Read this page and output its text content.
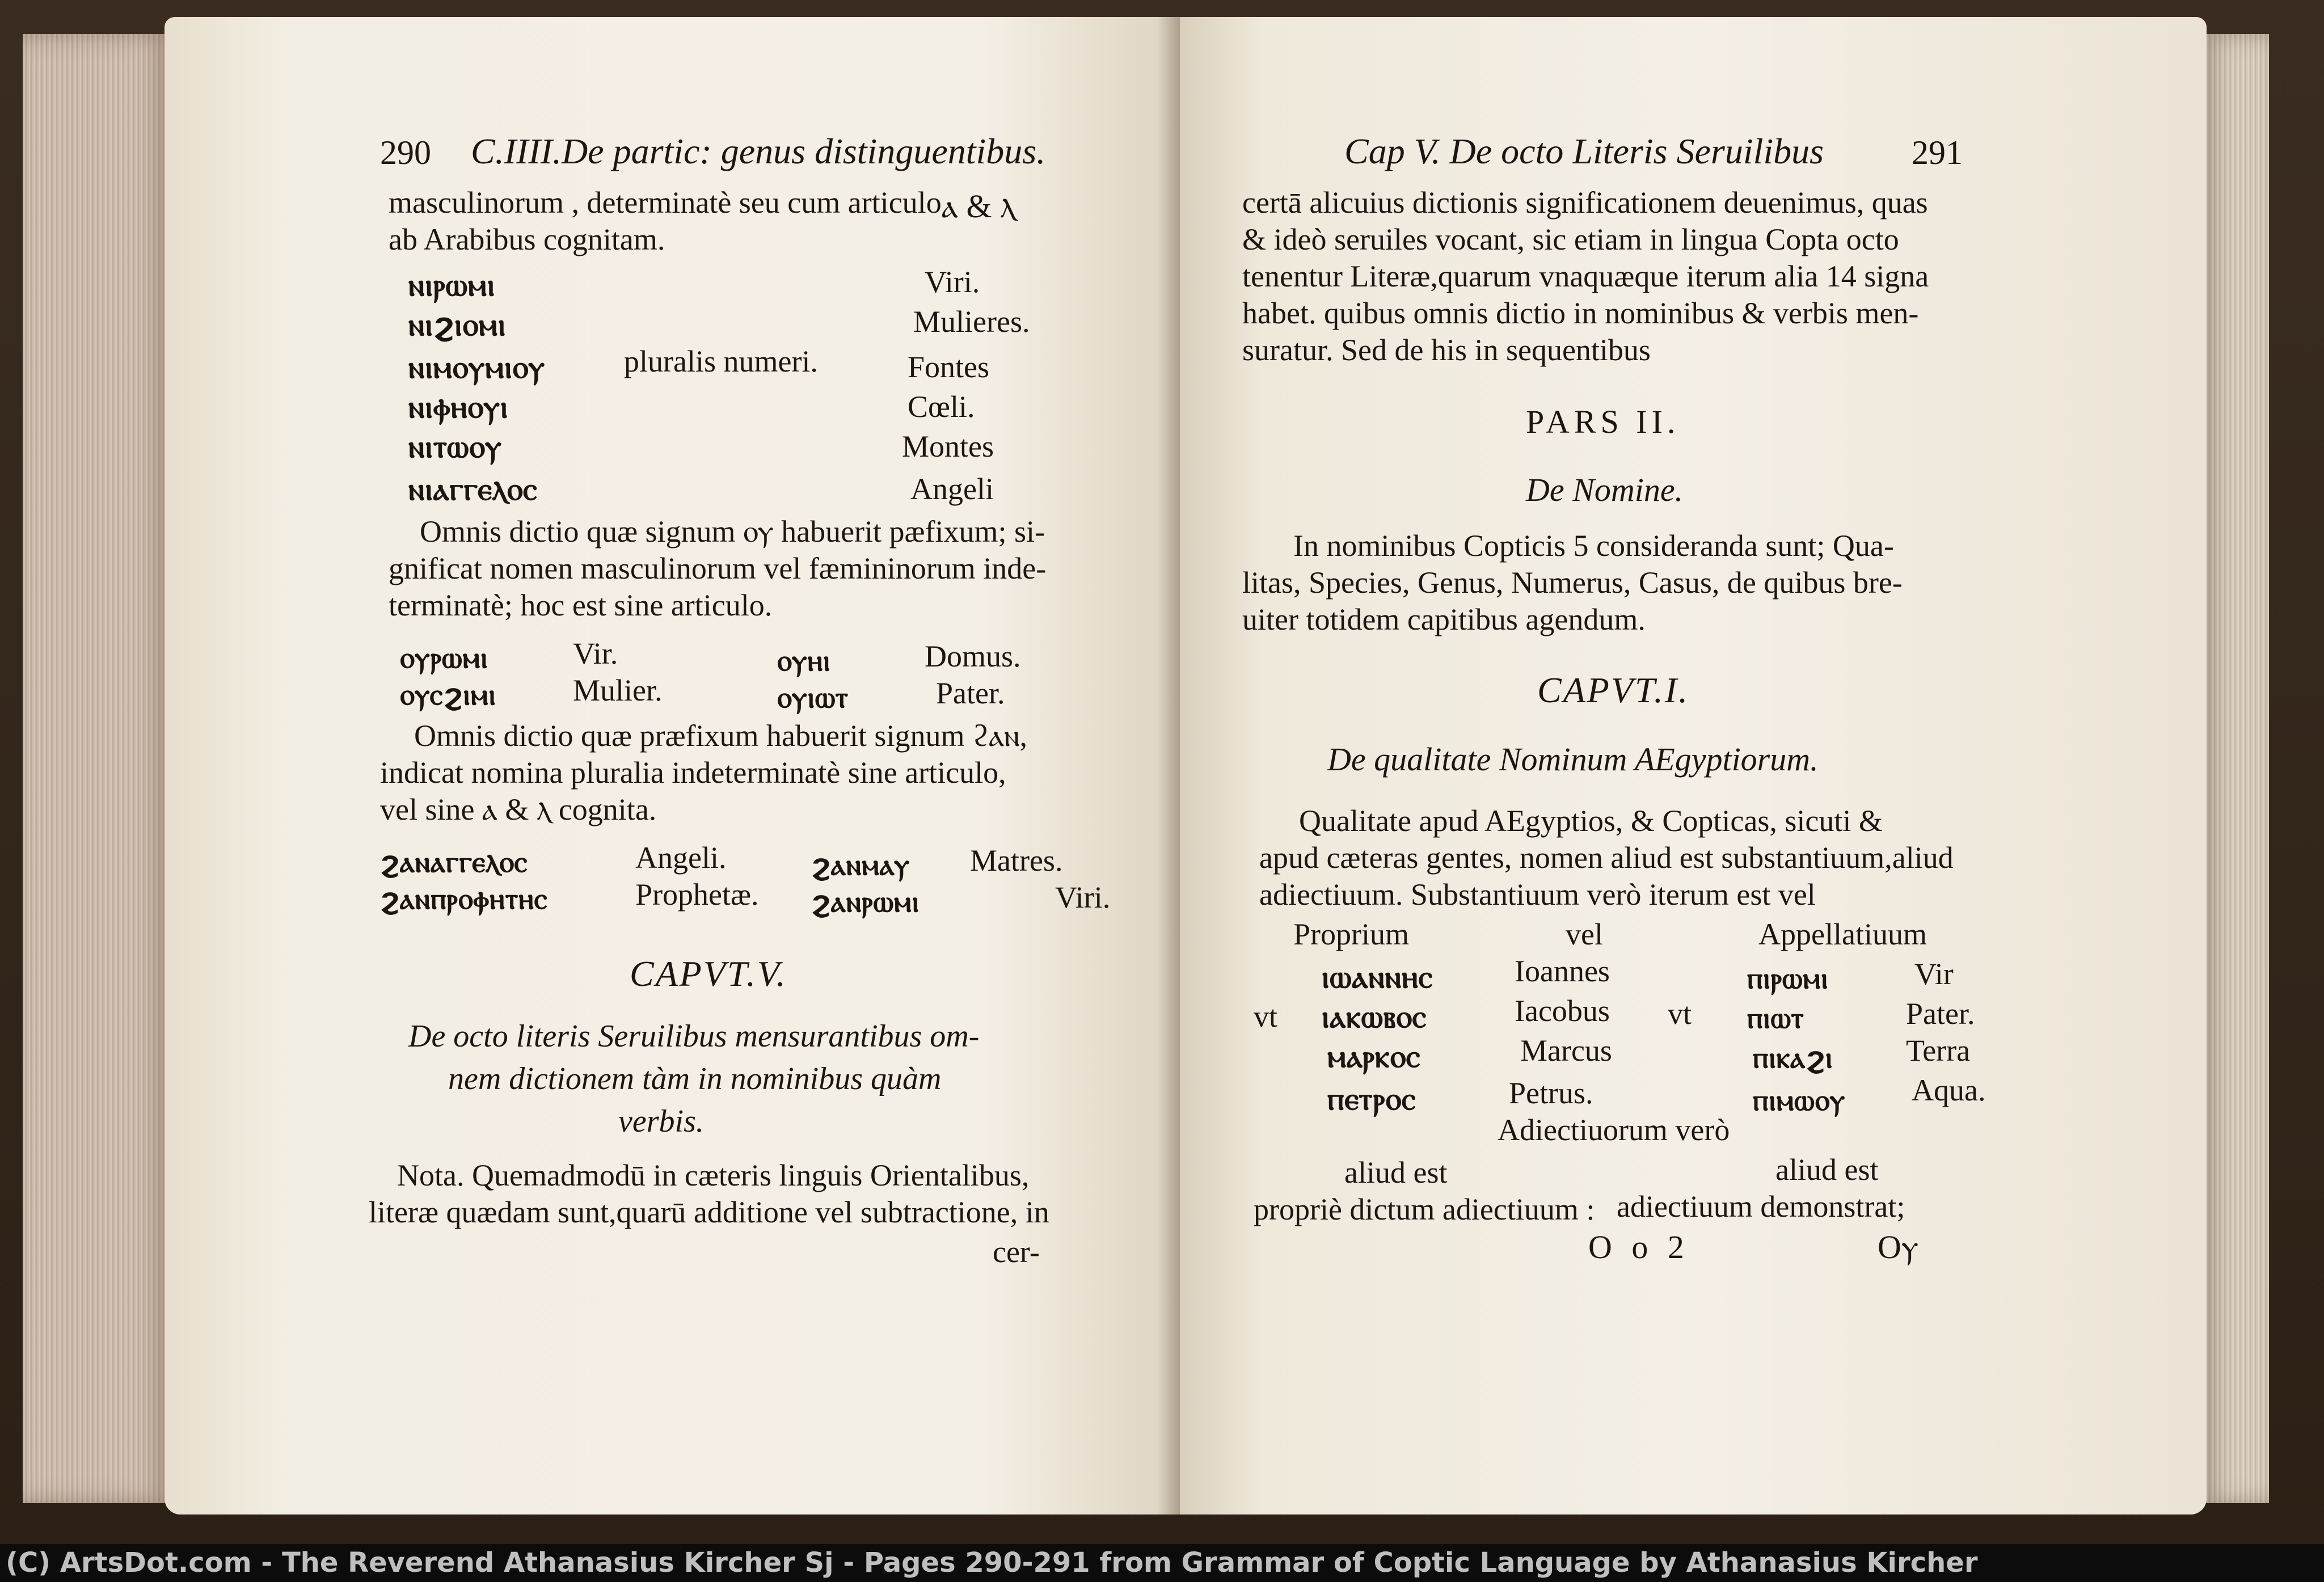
290 C.IIII.De partic: genus distinguentibus.
masculinorum , determinatè seu cum articulo ⲁ & ⲗ
ab Arabibus cognitam.
ⲛⲓⲣⲱⲙⲓ	Viri.
ⲛⲓϩⲓⲟⲙⲓ	Mulieres.
ⲛⲓⲙⲟⲩⲙⲓⲟⲩ	pluralis numeri.	Fontes
ⲛⲓⲫⲏⲟⲩⲓ	Cœli.
ⲛⲓⲧⲱⲟⲩ	Montes
ⲛⲓⲁⲅⲅⲉⲗⲟⲥ	Angeli
Omnis dictio quæ signum ⲟⲩ habuerit pæfixum; si-
gnificat nomen masculinorum vel fæmininorum inde-
terminatè; hoc est sine articulo.
ⲟⲩⲣⲱⲙⲓ	Vir.	ⲟⲩⲏⲓ	Domus.
ⲟⲩⲥϩⲓⲙⲓ	Mulier.	ⲟⲩⲓⲱⲧ	Pater.
Omnis dictio quæ præfixum habuerit signum ϩⲁⲛ,
indicat nomina pluralia indeterminatè sine articulo,
vel sine ⲁ & ⲗ cognita.
ϩⲁⲛⲁⲅⲅⲉⲗⲟⲥ	Angeli.	ϩⲁⲛⲙⲁⲩ Matres.
ϩⲁⲛⲡⲣⲟⲫⲏⲧⲏⲥ	Prophetæ. ϩⲁⲛⲣⲱⲙⲓ	Viri.
CAPVT.V.
De octo literis Seruilibus mensurantibus om-
nem dictionem tàm in nominibus quàm
verbis.
Nota. Quemadmodū in cæteris linguis Orientalibus,
literæ quædam sunt,quarū additione vel subtractione, in
cer-
Cap V. De octo Literis Seruilibus	291
certā alicuius dictionis significationem deuenimus, quas
& ideò seruiles vocant, sic etiam in lingua Copta octo
tenentur Literæ,quarum vnaquæque iterum alia 14 signa
habet. quibus omnis dictio in nominibus & verbis men-
suratur. Sed de his in sequentibus
PARS II.
De Nomine.
In nominibus Copticis 5 consideranda sunt; Qua-
litas, Species, Genus, Numerus, Casus, de quibus bre-
uiter totidem capitibus agendum.
CAPVT.I.
De qualitate Nominum AEgyptiorum.
Qualitate apud AEgyptios, & Copticas, sicuti &
apud cæteras gentes, nomen aliud est substantiuum,aliud
adiectiuum. Substantiuum verò iterum est vel
Proprium	vel	Appellatiuum
ⲓⲱⲁⲛⲛⲏⲥ	Ioannes	ⲡⲓⲣⲱⲙⲓ	Vir
vt ⲓⲁⲕⲱⲃⲟⲥ	Iacobus vt ⲡⲓⲱⲧ	Pater.
ⲙⲁⲣⲕⲟⲥ	Marcus	ⲡⲓⲕⲁϩⲓ Terra
ⲡⲉⲧⲣⲟⲥ	Petrus.	ⲡⲓⲙⲱⲟⲩ Aqua.
Adiectiuorum verò
aliud est	aliud est
propriè dictum adiectiuum : adiectiuum demonstrat;
O o 2	Oⲩ
(C) ArtsDot.com - The Reverend Athanasius Kircher Sj - Pages 290-291 from Grammar of Coptic Language by Athanasius Kircher
